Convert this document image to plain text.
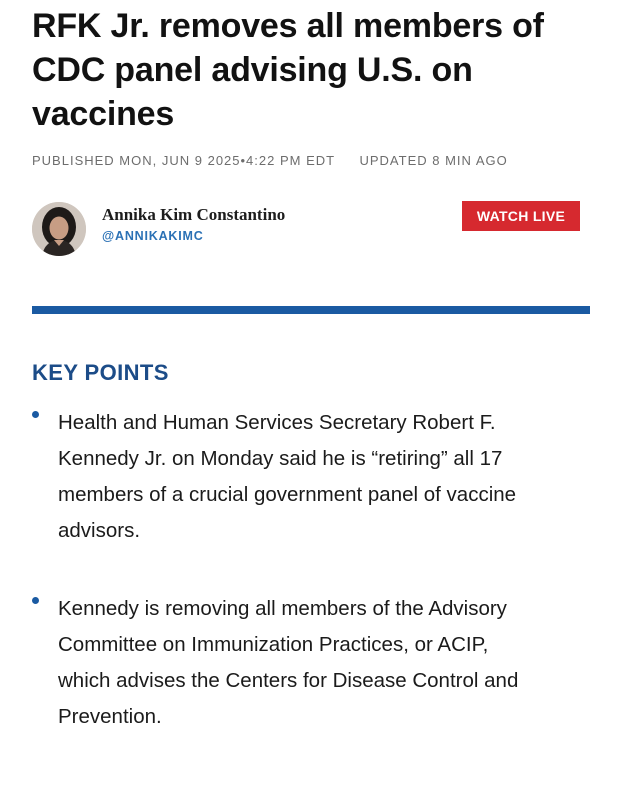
RFK Jr. removes all members of CDC panel advising U.S. on vaccines
PUBLISHED MON, JUN 9 2025•4:22 PM EDT UPDATED 8 MIN AGO
Annika Kim Constantino
@ANNIKAKIMC
WATCH LIVE
KEY POINTS
Health and Human Services Secretary Robert F. Kennedy Jr. on Monday said he is “retiring” all 17 members of a crucial government panel of vaccine advisors.
Kennedy is removing all members of the Advisory Committee on Immunization Practices, or ACIP, which advises the Centers for Disease Control and Prevention.
